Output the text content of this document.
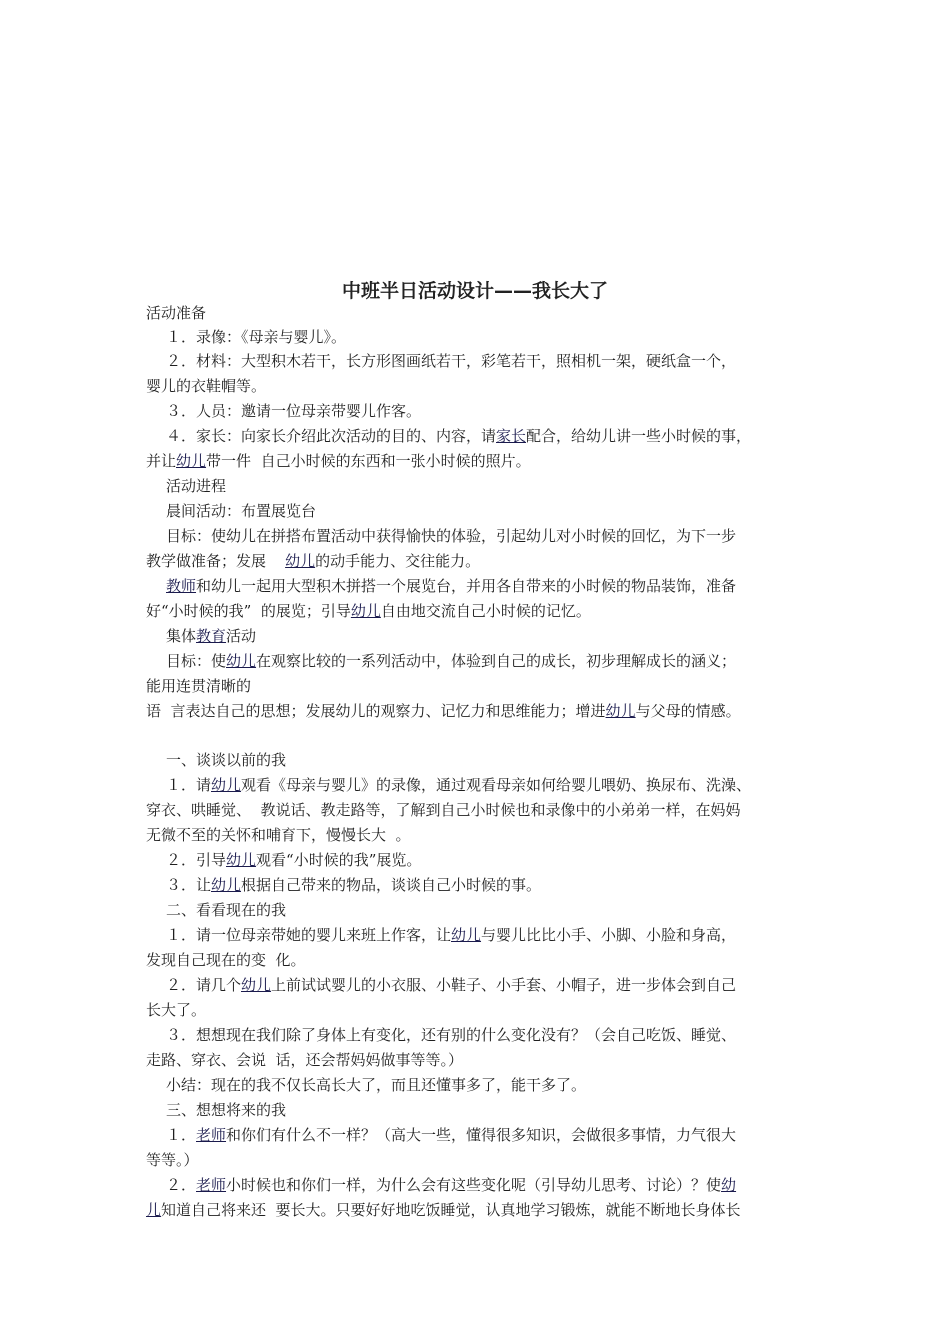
中班半日活动设计——我长大了
活动准备
１．录像：《母亲与婴儿》。
２．材料：大型积木若干，长方形图画纸若干，彩笔若干，照相机一架，硬纸盒一个，
婴儿的衣鞋帽等。
３．人员：邀请一位母亲带婴儿作客。
４．家长：向家长介绍此次活动的目的、内容，请家长配合，给幼儿讲一些小时候的事，
并让幼儿带一件  自己小时候的东西和一张小时候的照片。
活动进程
晨间活动：布置展览台
目标：使幼儿在拼搭布置活动中获得愉快的体验，引起幼儿对小时候的回忆，为下一步
教学做准备；发展    幼儿的动手能力、交往能力。
教师和幼儿一起用大型积木拼搭一个展览台，并用各自带来的小时候的物品装饰，准备
好“小时候的我”  的展览；引导幼儿自由地交流自己小时候的记忆。
集体教育活动
目标：使幼儿在观察比较的一系列活动中，体验到自己的成长，初步理解成长的涵义；
能用连贯清晰的
语  言表达自己的思想；发展幼儿的观察力、记忆力和思维能力；增进幼儿与父母的情感。
一、谈谈以前的我
１．请幼儿观看《母亲与婴儿》的录像，通过观看母亲如何给婴儿喂奶、换尿布、洗澡、
穿衣、哄睡觉、  教说话、教走路等，了解到自己小时候也和录像中的小弟弟一样，在妈妈
无微不至的关怀和哺育下，慢慢长大  。
２．引导幼儿观看“小时候的我”展览。
３．让幼儿根据自己带来的物品，谈谈自己小时候的事。
二、看看现在的我
１．请一位母亲带她的婴儿来班上作客，让幼儿与婴儿比比小手、小脚、小脸和身高，
发现自己现在的变  化。
２．请几个幼儿上前试试婴儿的小衣服、小鞋子、小手套、小帽子，进一步体会到自己
长大了。
３．想想现在我们除了身体上有变化，还有别的什么变化没有？（会自己吃饭、睡觉、
走路、穿衣、会说  话，还会帮妈妈做事等等。）
小结：现在的我不仅长高长大了，而且还懂事多了，能干多了。
三、想想将来的我
１．老师和你们有什么不一样？（高大一些，懂得很多知识，会做很多事情，力气很大
等等。）
２．老师小时候也和你们一样，为什么会有这些变化呢（引导幼儿思考、讨论）？使幼
儿知道自己将来还  要长大。只要好好地吃饭睡觉，认真地学习锻炼，就能不断地长身体长
